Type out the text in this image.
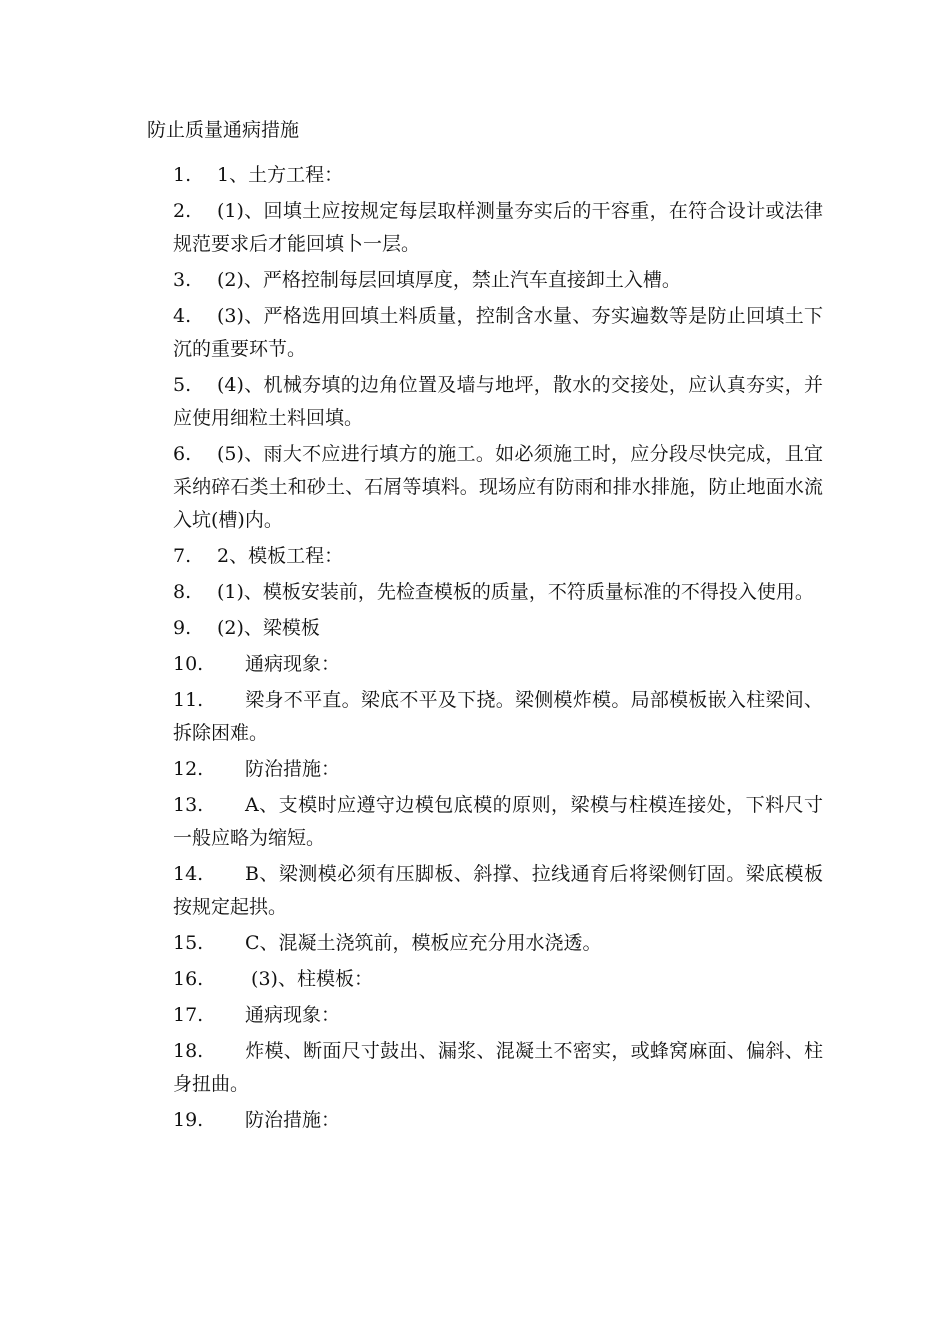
防止质量通病措施
1. 1、土方工程：
2. (1)、回填土应按规定每层取样测量夯实后的干容重，在符合设计或法律规范要求后才能回填卜一层。
3. (2)、严格控制每层回填厚度，禁止汽车直接卸土入槽。
4. (3)、严格选用回填土料质量，控制含水量、夯实遍数等是防止回填土下沉的重要环节。
5. (4)、机械夯填的边角位置及墙与地坪，散水的交接处，应认真夯实，并应使用细粒土料回填。
6. (5)、雨大不应进行填方的施工。如必须施工时，应分段尽快完成，且宜采纳碎石类土和砂土、石屑等填料。现场应有防雨和排水排施，防止地面水流入坑(槽)内。
7. 2、模板工程：
8. (1)、模板安装前，先检查模板的质量，不符质量标准的不得投入使用。
9. (2)、梁模板
10. 通病现象：
11. 梁身不平直。梁底不平及下挠。梁侧模炸模。局部模板嵌入柱梁间、拆除困难。
12. 防治措施：
13. A、支模时应遵守边模包底模的原则，梁模与柱模连接处，下料尺寸一般应略为缩短。
14. B、梁测模必须有压脚板、斜撑、拉线通育后将梁侧钉固。梁底模板按规定起拱。
15. C、混凝土浇筑前，模板应充分用水浇透。
16. (3)、柱模板：
17. 通病现象：
18. 炸模、断面尺寸鼓出、漏浆、混凝土不密实，或蜂窝麻面、偏斜、柱身扭曲。
19. 防治措施：
